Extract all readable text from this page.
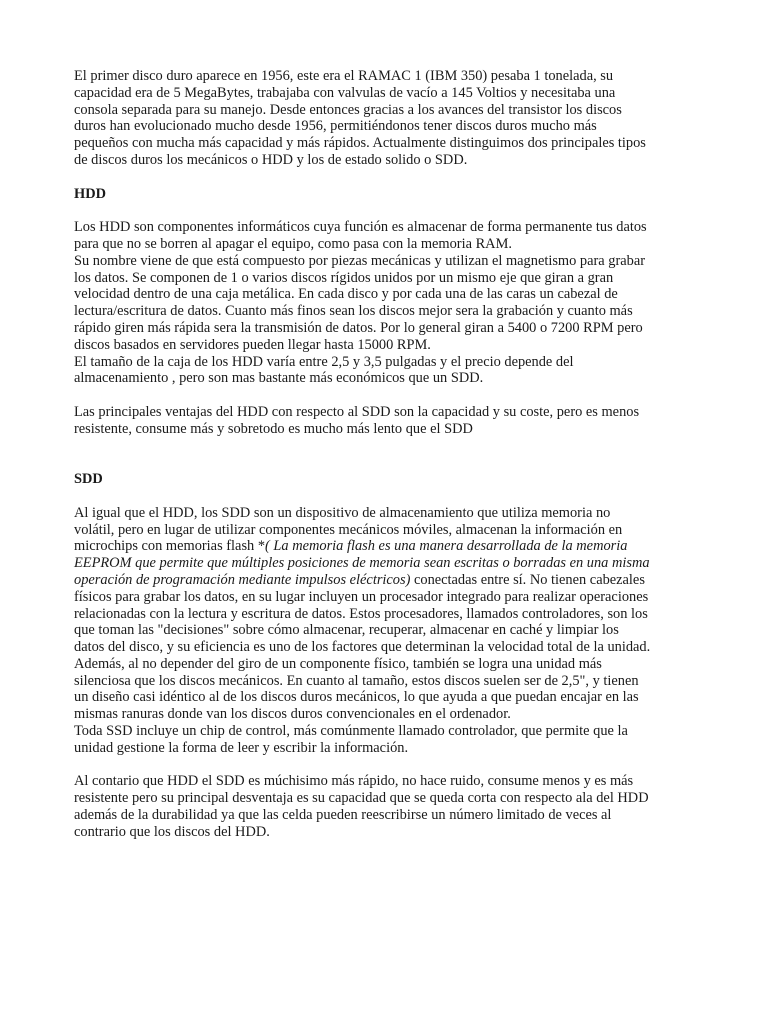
El primer disco duro aparece en 1956, este era el RAMAC 1 (IBM 350) pesaba 1 tonelada, su
capacidad era de 5 MegaBytes, trabajaba con valvulas de vacío a 145 Voltios y necesitaba una
consola separada para su manejo. Desde entonces gracias a los avances del transistor los discos
duros han evolucionado mucho desde 1956, permitiéndonos tener discos duros mucho más
pequeños con mucha más capacidad y más rápidos. Actualmente distinguimos dos principales tipos
de discos duros los mecánicos o HDD y los de estado solido o SDD.

HDD

Los HDD son componentes informáticos cuya función es almacenar de forma permanente tus datos
para que no se borren al apagar el equipo, como pasa con la memoria RAM.
Su nombre viene de que está compuesto por piezas mecánicas y utilizan el magnetismo para grabar
los datos. Se componen de 1 o varios discos rígidos unidos por un mismo eje que giran a gran
velocidad dentro de una caja metálica. En cada disco y por cada una de las caras un cabezal de
lectura/escritura de datos. Cuanto más finos sean los discos mejor sera la grabación y cuanto más
rápido giren más rápida sera la transmisión de datos. Por lo general giran a 5400 o 7200 RPM pero
discos basados en servidores pueden llegar hasta 15000 RPM.
El tamaño de la caja de los HDD varía entre 2,5 y 3,5 pulgadas y el precio depende del
almacenamiento , pero son mas bastante más económicos que un SDD.

Las principales ventajas del HDD con respecto al SDD son la capacidad y su coste, pero es menos
resistente, consume más y sobretodo es mucho más lento que el SDD

SDD

Al igual que el HDD, los SDD son un dispositivo de almacenamiento que utiliza memoria no
volátil, pero en lugar de utilizar componentes mecánicos móviles, almacenan la información en
microchips con memorias flash *( La memoria flash es una manera desarrollada de la memoria
EEPROM que permite que múltiples posiciones de memoria sean escritas o borradas en una misma
operación de programación mediante impulsos eléctricos) conectadas entre sí. No tienen cabezales
físicos para grabar los datos, en su lugar incluyen un procesador integrado para realizar operaciones
relacionadas con la lectura y escritura de datos. Estos procesadores, llamados controladores, son los
que toman las "decisiones" sobre cómo almacenar, recuperar, almacenar en caché y limpiar los
datos del disco, y su eficiencia es uno de los factores que determinan la velocidad total de la unidad.
Además, al no depender del giro de un componente físico, también se logra una unidad más
silenciosa que los discos mecánicos. En cuanto al tamaño, estos discos suelen ser de 2,5", y tienen
un diseño casi idéntico al de los discos duros mecánicos, lo que ayuda a que puedan encajar en las
mismas ranuras donde van los discos duros convencionales en el ordenador.
Toda SSD incluye un chip de control, más comúnmente llamado controlador, que permite que la
unidad gestione la forma de leer y escribir la información.

Al contario que HDD el SDD es múchisimo más rápido, no hace ruido, consume menos y es más
resistente pero su principal desventaja es su capacidad que se queda corta con respecto ala del HDD
además de la durabilidad ya que las celda pueden reescribirse un número limitado de veces al
contrario que los discos del HDD.
